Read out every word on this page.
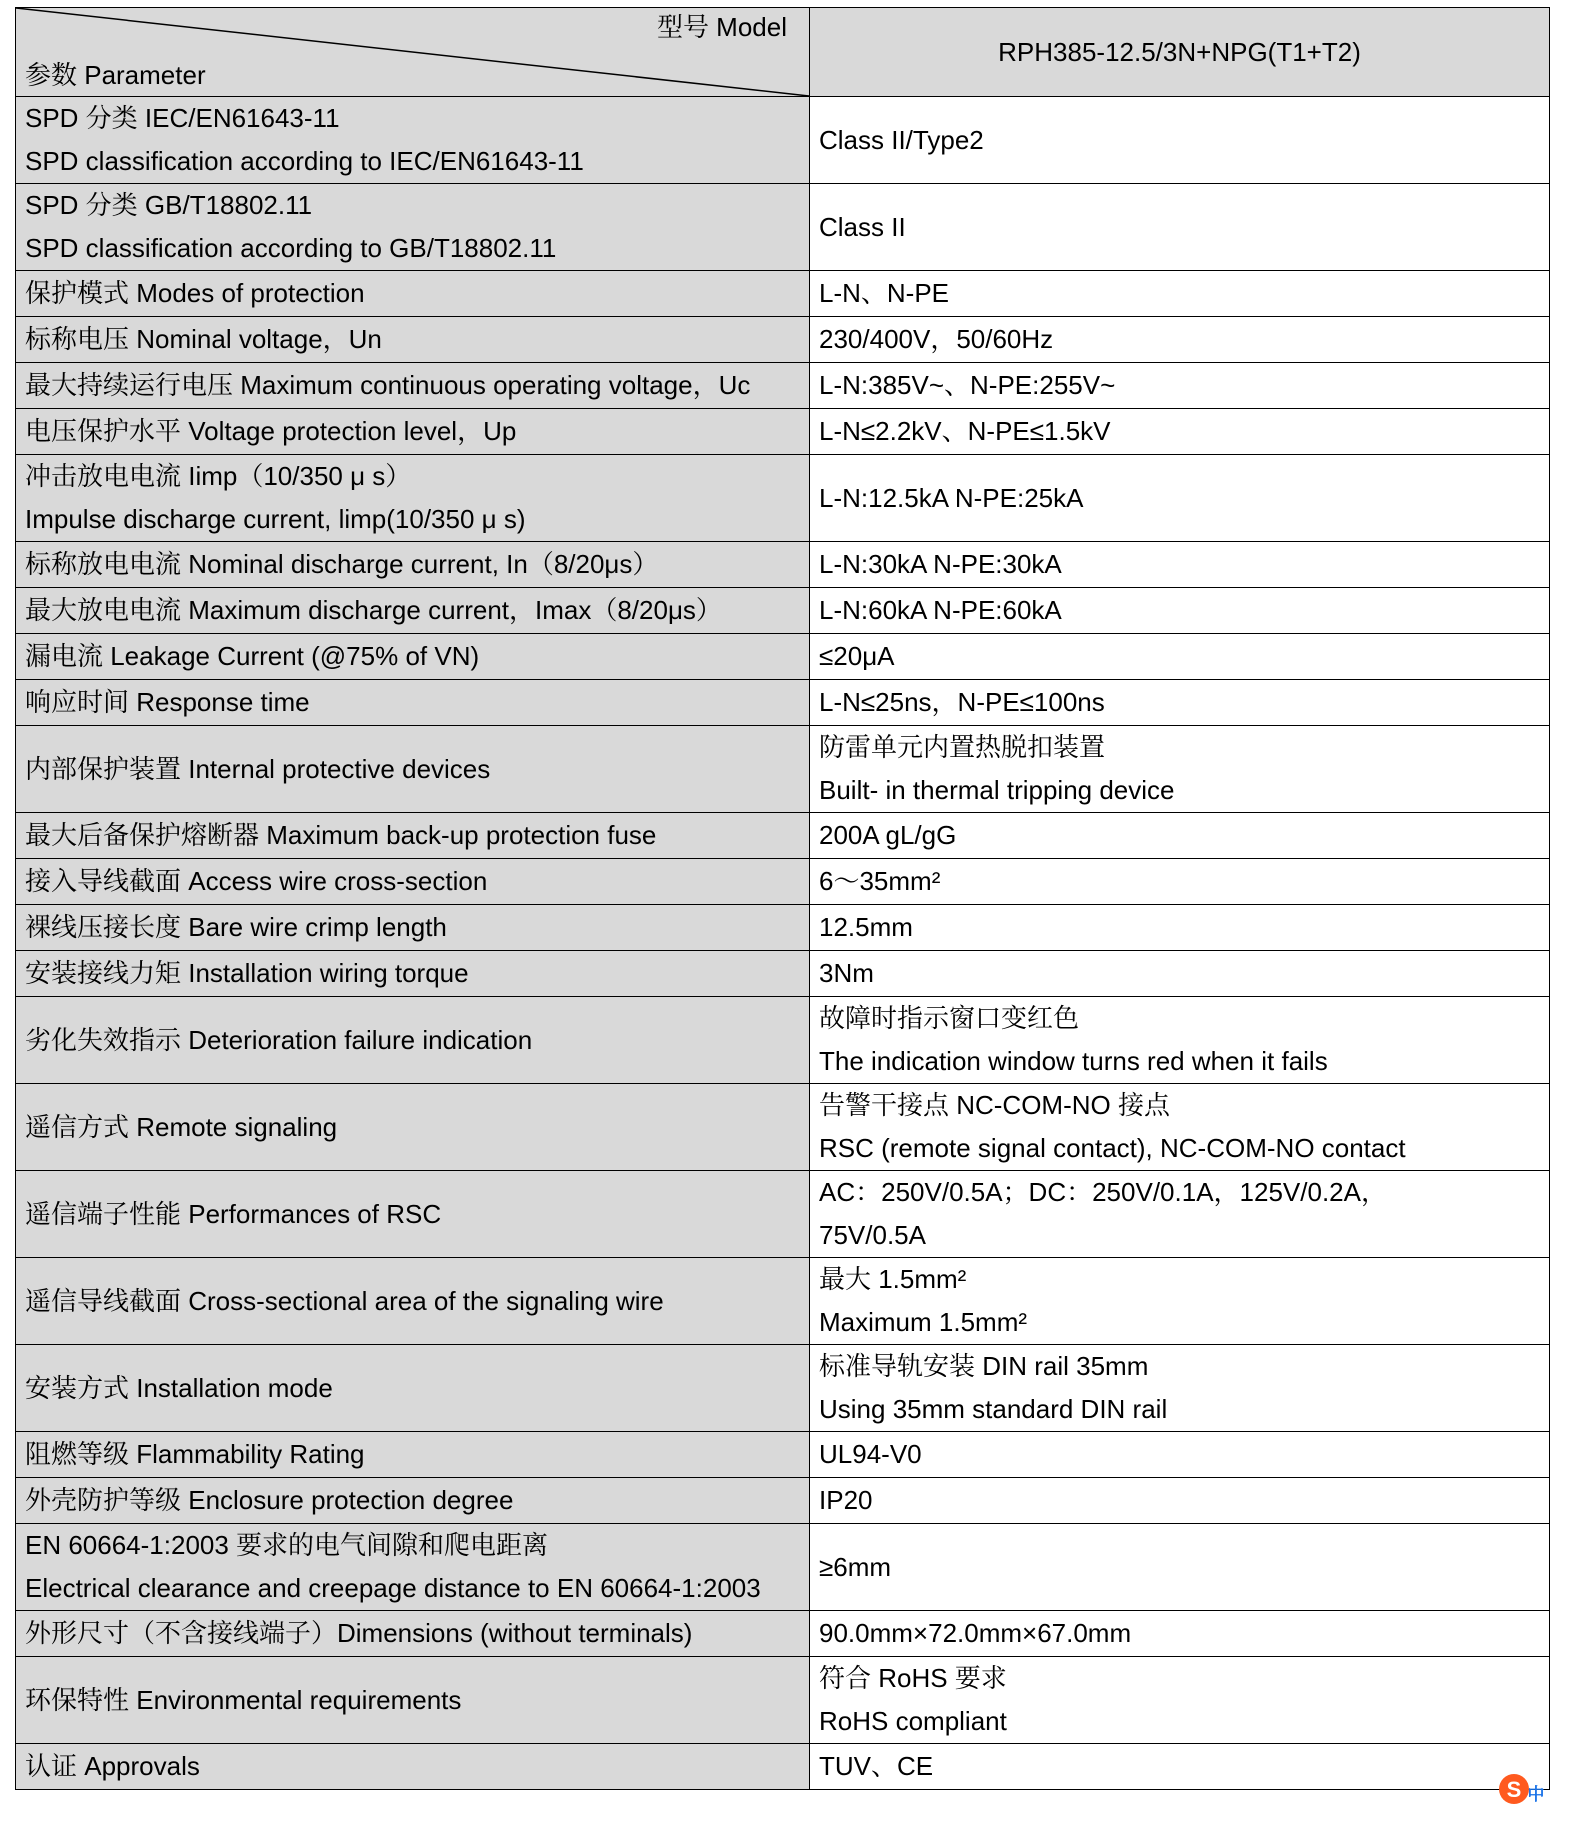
型号 Model
参数 Parameter	RPH385-12.5/3N+NPG(T1+T2)

SPD 分类 IEC/EN61643-11
SPD classification according to IEC/EN61643-11	Class II/Type2

SPD 分类 GB/T18802.11
SPD classification according to GB/T18802.11	Class II

保护模式 Modes of protection	L-N、N-PE

标称电压 Nominal voltage，Un	230/400V，50/60Hz

最大持续运行电压 Maximum continuous operating voltage，Uc	L-N:385V~、N-PE:255V~

电压保护水平 Voltage protection level，Up	L-N≤2.2kV、N-PE≤1.5kV

冲击放电电流 Iimp（10/350 μ s）
Impulse discharge current, limp(10/350 μ s)	L-N:12.5kA N-PE:25kA

标称放电电流 Nominal discharge current, In（8/20μs）	L-N:30kA N-PE:30kA

最大放电电流 Maximum discharge current，Imax（8/20μs）	L-N:60kA N-PE:60kA

漏电流 Leakage Current (@75% of VN)	≤20μA

响应时间 Response time	L-N≤25ns，N-PE≤100ns

内部保护装置 Internal protective devices	防雷单元内置热脱扣装置
Built- in thermal tripping device

最大后备保护熔断器 Maximum back-up protection fuse	200A gL/gG

接入导线截面 Access wire cross-section	6～35mm²

裸线压接长度 Bare wire crimp length	12.5mm

安装接线力矩 Installation wiring torque	3Nm

劣化失效指示 Deterioration failure indication	故障时指示窗口变红色
The indication window turns red when it fails

遥信方式 Remote signaling	告警干接点 NC-COM-NO 接点
RSC (remote signal contact), NC-COM-NO contact

遥信端子性能 Performances of RSC	AC：250V/0.5A；DC：250V/0.1A，125V/0.2A，
75V/0.5A

遥信导线截面 Cross-sectional area of the signaling wire	最大 1.5mm²
Maximum 1.5mm²

安装方式 Installation mode	标准导轨安装 DIN rail 35mm
Using 35mm standard DIN rail

阻燃等级 Flammability Rating	UL94-V0

外壳防护等级 Enclosure protection degree	IP20

EN 60664-1:2003 要求的电气间隙和爬电距离
Electrical clearance and creepage distance to EN 60664-1:2003	≥6mm

外形尺寸（不含接线端子）Dimensions (without terminals)	90.0mm×72.0mm×67.0mm

环保特性 Environmental requirements	符合 RoHS 要求
RoHS compliant

认证 Approvals	TUV、CE
S 中
